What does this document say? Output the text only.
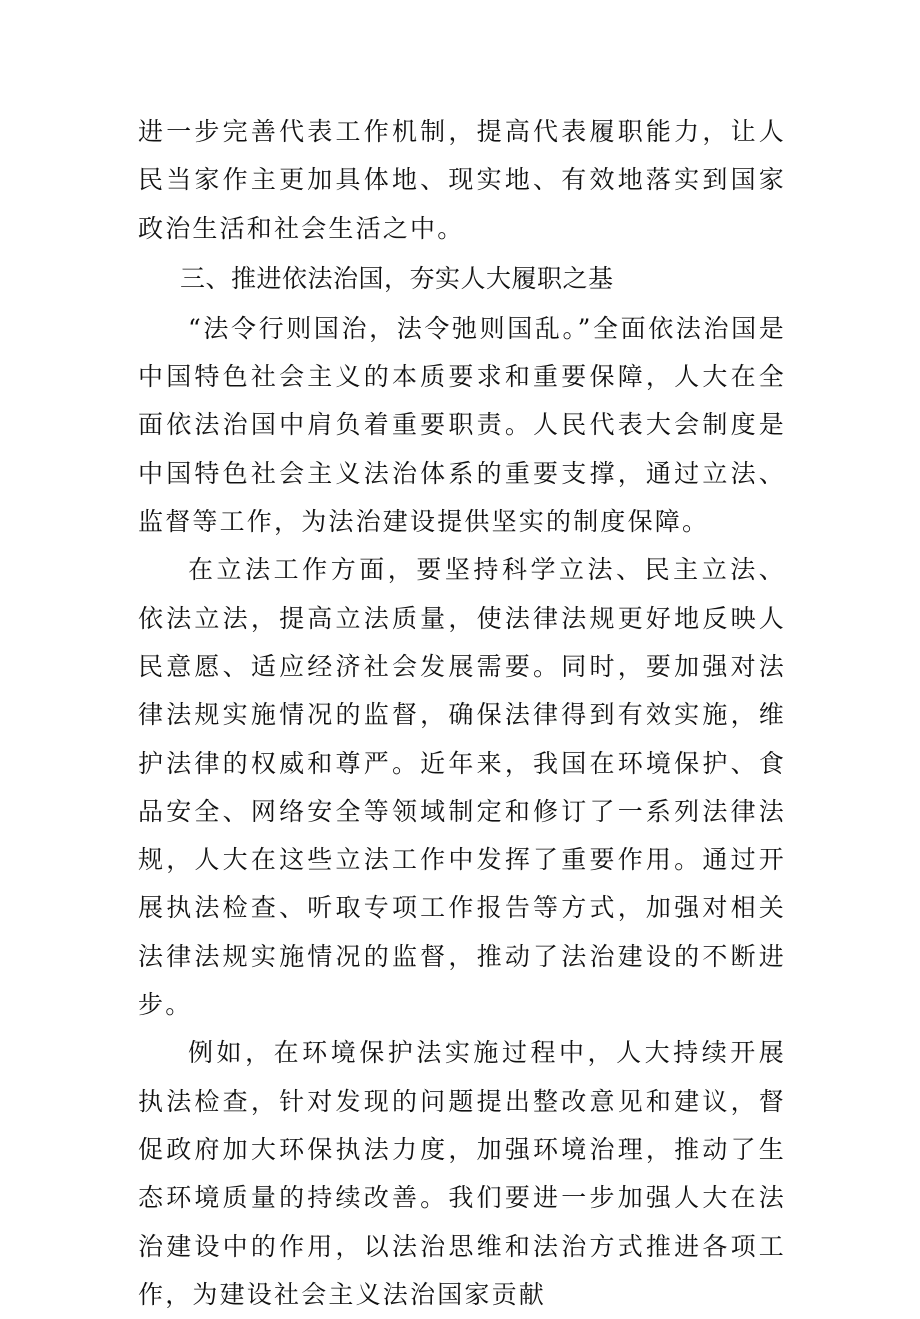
进一步完善代表工作机制，提高代表履职能力，让人民当家作主更加具体地、现实地、有效地落实到国家政治生活和社会生活之中。

三、推进依法治国，夯实人大履职之基

“法令行则国治，法令弛则国乱。”全面依法治国是中国特色社会主义的本质要求和重要保障，人大在全面依法治国中肩负着重要职责。人民代表大会制度是中国特色社会主义法治体系的重要支撑，通过立法、监督等工作，为法治建设提供坚实的制度保障。

在立法工作方面，要坚持科学立法、民主立法、依法立法，提高立法质量，使法律法规更好地反映人民意愿、适应经济社会发展需要。同时，要加强对法律法规实施情况的监督，确保法律得到有效实施，维护法律的权威和尊严。近年来，我国在环境保护、食品安全、网络安全等领域制定和修订了一系列法律法规，人大在这些立法工作中发挥了重要作用。通过开展执法检查、听取专项工作报告等方式，加强对相关法律法规实施情况的监督，推动了法治建设的不断进步。

例如，在环境保护法实施过程中，人大持续开展执法检查，针对发现的问题提出整改意见和建议，督促政府加大环保执法力度，加强环境治理，推动了生态环境质量的持续改善。我们要进一步加强人大在法治建设中的作用，以法治思维和法治方式推进各项工作，为建设社会主义法治国家贡献
